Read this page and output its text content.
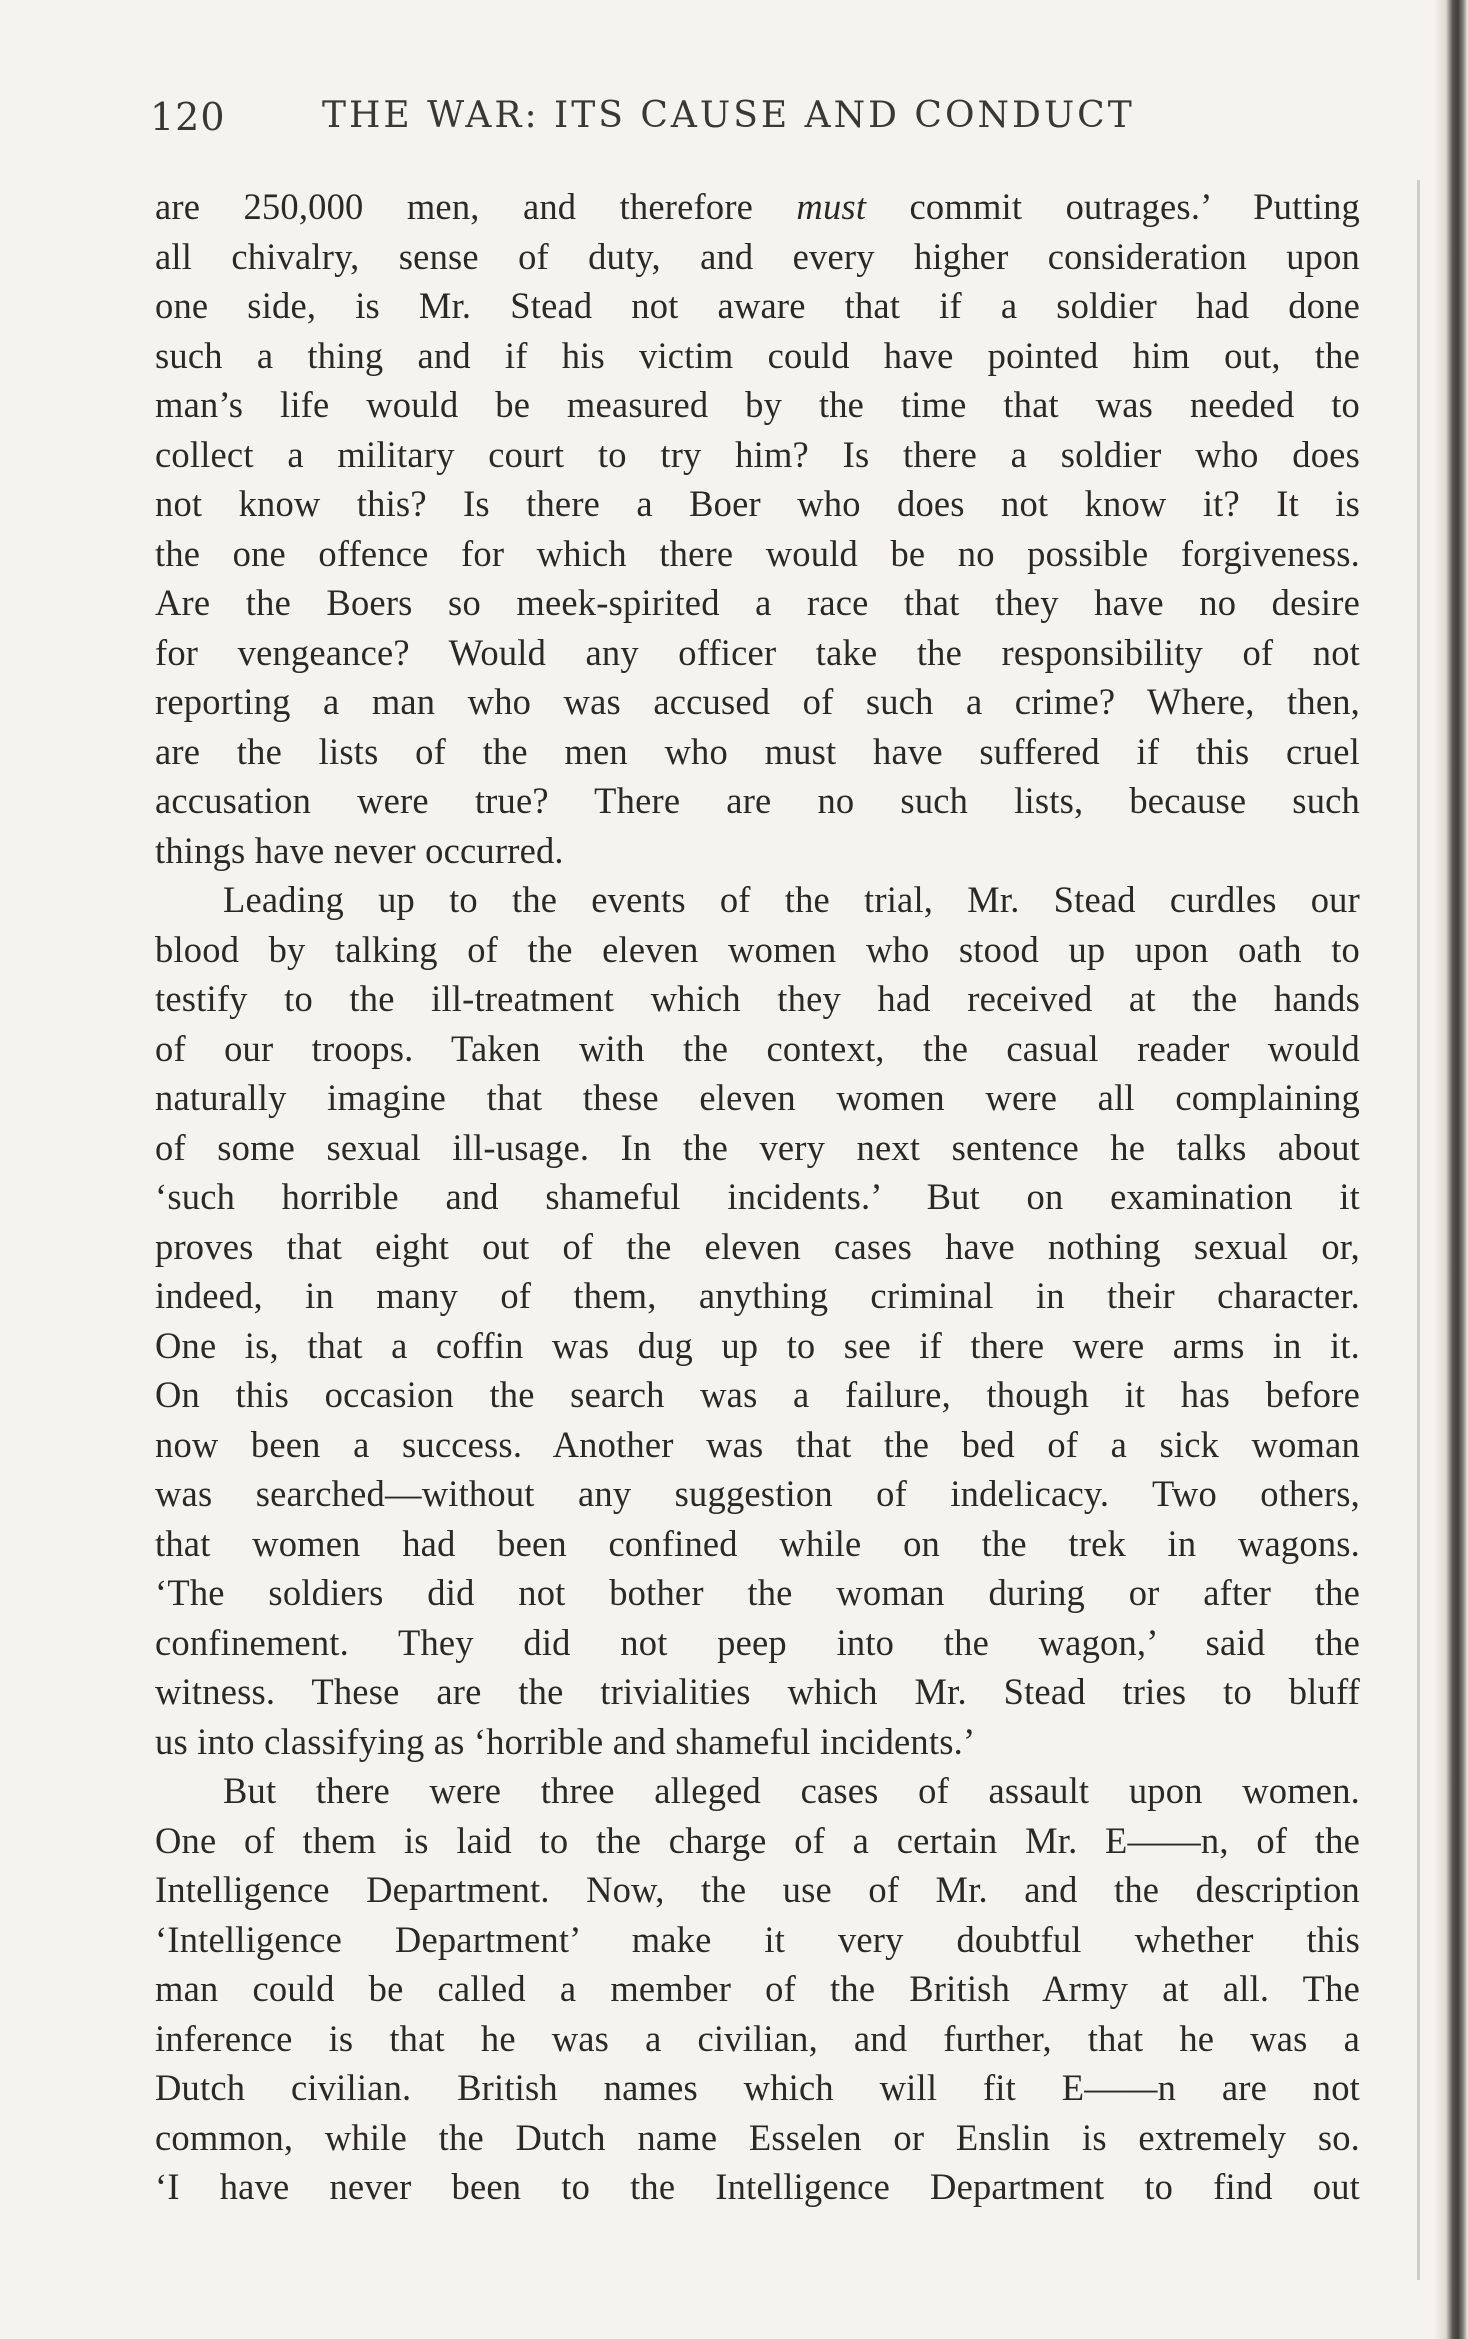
120	THE WAR: ITS CAUSE AND CONDUCT
are 250,000 men, and therefore must commit outrages.’ Putting
all chivalry, sense of duty, and every higher consideration upon
one side, is Mr. Stead not aware that if a soldier had done
such a thing and if his victim could have pointed him out, the
man’s life would be measured by the time that was needed to
collect a military court to try him? Is there a soldier who does
not know this? Is there a Boer who does not know it? It is
the one offence for which there would be no possible forgiveness.
Are the Boers so meek-spirited a race that they have no desire
for vengeance? Would any officer take the responsibility of not
reporting a man who was accused of such a crime? Where, then,
are the lists of the men who must have suffered if this cruel
accusation were true? There are no such lists, because such
things have never occurred.
Leading up to the events of the trial, Mr. Stead curdles our
blood by talking of the eleven women who stood up upon oath to
testify to the ill-treatment which they had received at the hands
of our troops. Taken with the context, the casual reader would
naturally imagine that these eleven women were all complaining
of some sexual ill-usage. In the very next sentence he talks about
‘such horrible and shameful incidents.’ But on examination it
proves that eight out of the eleven cases have nothing sexual or,
indeed, in many of them, anything criminal in their character.
One is, that a coffin was dug up to see if there were arms in it.
On this occasion the search was a failure, though it has before
now been a success. Another was that the bed of a sick woman
was searched—without any suggestion of indelicacy. Two others,
that women had been confined while on the trek in wagons.
‘The soldiers did not bother the woman during or after the
confinement. They did not peep into the wagon,’ said the
witness. These are the trivialities which Mr. Stead tries to bluff
us into classifying as ‘horrible and shameful incidents.’
But there were three alleged cases of assault upon women.
One of them is laid to the charge of a certain Mr. E——n, of the
Intelligence Department. Now, the use of Mr. and the description
‘Intelligence Department’ make it very doubtful whether this
man could be called a member of the British Army at all. The
inference is that he was a civilian, and further, that he was a
Dutch civilian. British names which will fit E——n are not
common, while the Dutch name Esselen or Enslin is extremely so.
‘I have never been to the Intelligence Department to find out
